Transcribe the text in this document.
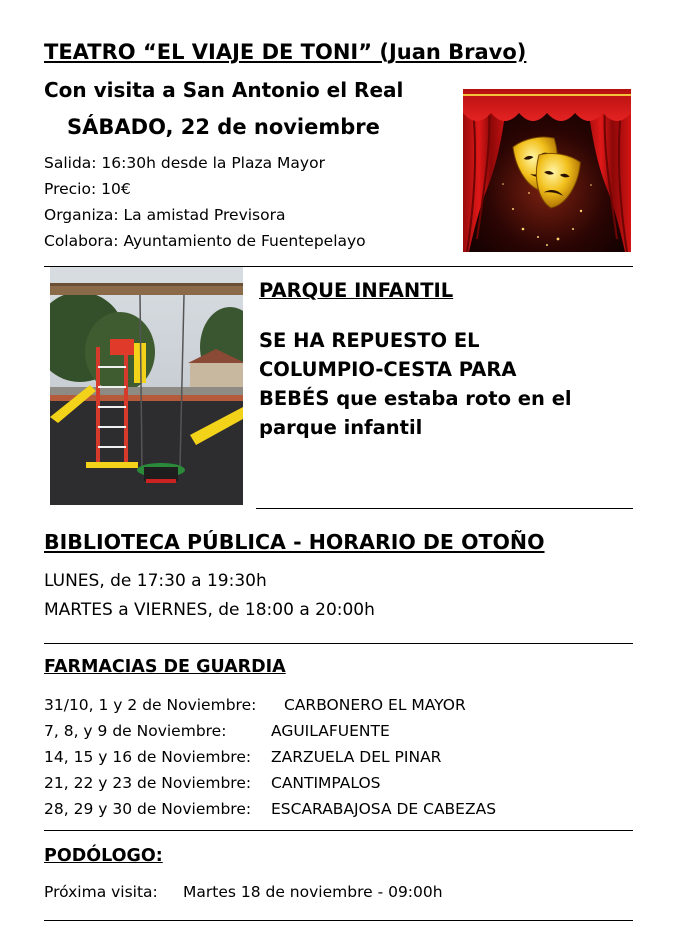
TEATRO “EL VIAJE DE TONI” (Juan Bravo)
Con visita a San Antonio el Real
SÁBADO, 22 de noviembre
Salida: 16:30h desde la Plaza Mayor
Precio: 10€
Organiza: La amistad Previsora
Colabora: Ayuntamiento de Fuentepelayo
PARQUE INFANTIL
SE HA REPUESTO EL
COLUMPIO-CESTA PARA
BEBÉS que estaba roto en el
parque infantil
BIBLIOTECA PÚBLICA - HORARIO DE OTOÑO
LUNES, de 17:30 a 19:30h
MARTES a VIERNES, de 18:00 a 20:00h
FARMACIAS DE GUARDIA
31/10, 1 y 2 de Noviembre: CARBONERO EL MAYOR
7, 8, y 9 de Noviembre:	AGUILAFUENTE
14, 15 y 16 de Noviembre: ZARZUELA DEL PINAR
21, 22 y 23 de Noviembre: CANTIMPALOS
28, 29 y 30 de Noviembre: ESCARABAJOSA DE CABEZAS
PODÓLOGO:
Próxima visita: Martes 18 de noviembre - 09:00h
